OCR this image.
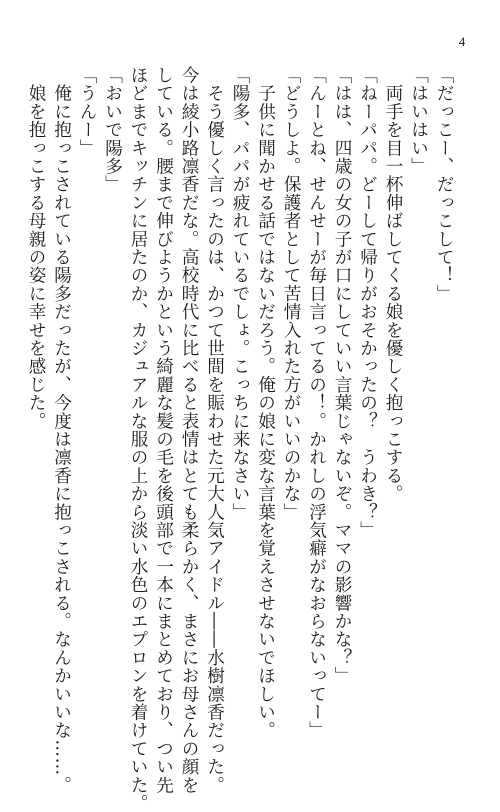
4
「だっこー、だっこして！」
「はいはい」
　両手を目一杯伸ばしてくる娘を優しく抱っこする。
「ねーパパ。どーして帰りがおそかったの？　うわき？」
「はは、四歳の女の子が口にしていい言葉じゃないぞ。ママの影響かな？」
「んーとね、せんせーが毎日言ってるの！。かれしの浮気癖がなおらないってー」
「どうしよ。保護者として苦情入れた方がいいのかな」
　子供に聞かせる話ではないだろう。俺の娘に変な言葉を覚えさせないでほしい。
「陽多、パパが疲れているでしょ。こっちに来なさい」
　そう優しく言ったのは、かつて世間を賑わせた元大人気アイドル――水樹凛香だった。
今は綾小路凛香だな。高校時代に比べると表情はとても柔らかく、まさにお母さんの顔を
している。腰まで伸びようかという綺麗な髪の毛を後頭部で一本にまとめており、つい先
ほどまでキッチンに居たのか、カジュアルな服の上から淡い水色のエプロンを着けていた。
「おいで陽多」
「うんー」
　俺に抱っこされている陽多だったが、今度は凛香に抱っこされる。なんかいいな……。
　娘を抱っこする母親の姿に幸せを感じた。
